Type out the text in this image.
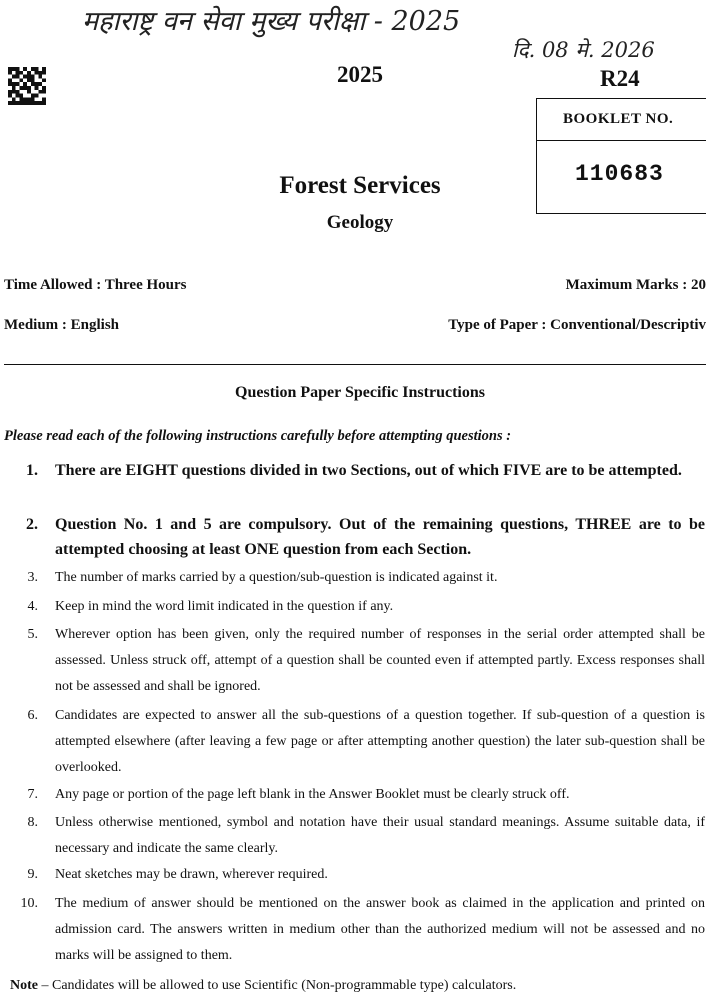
महाराष्ट्र वन सेवा मुख्य परीक्षा - 2025
दि. 08 मे. 2026
2025	R24
BOOKLET NO.
110683
Forest Services
Geology
Time Allowed : Three Hours	Maximum Marks : 20
Medium : English	Type of Paper : Conventional/Descriptiv
Question Paper Specific Instructions
Please read each of the following instructions carefully before attempting questions :
1. There are EIGHT questions divided in two Sections, out of which FIVE are to be attempted.
2. Question No. 1 and 5 are compulsory. Out of the remaining questions, THREE are to be attempted choosing at least ONE question from each Section.
3. The number of marks carried by a question/sub-question is indicated against it.
4. Keep in mind the word limit indicated in the question if any.
5. Wherever option has been given, only the required number of responses in the serial order attempted shall be assessed. Unless struck off, attempt of a question shall be counted even if attempted partly. Excess responses shall not be assessed and shall be ignored.
6. Candidates are expected to answer all the sub-questions of a question together. If sub-question of a question is attempted elsewhere (after leaving a few page or after attempting another question) the later sub-question shall be overlooked.
7. Any page or portion of the page left blank in the Answer Booklet must be clearly struck off.
8. Unless otherwise mentioned, symbol and notation have their usual standard meanings. Assume suitable data, if necessary and indicate the same clearly.
9. Neat sketches may be drawn, wherever required.
10. The medium of answer should be mentioned on the answer book as claimed in the application and printed on admission card. The answers written in medium other than the authorized medium will not be assessed and no marks will be assigned to them.
Note – Candidates will be allowed to use Scientific (Non-programmable type) calculators.
